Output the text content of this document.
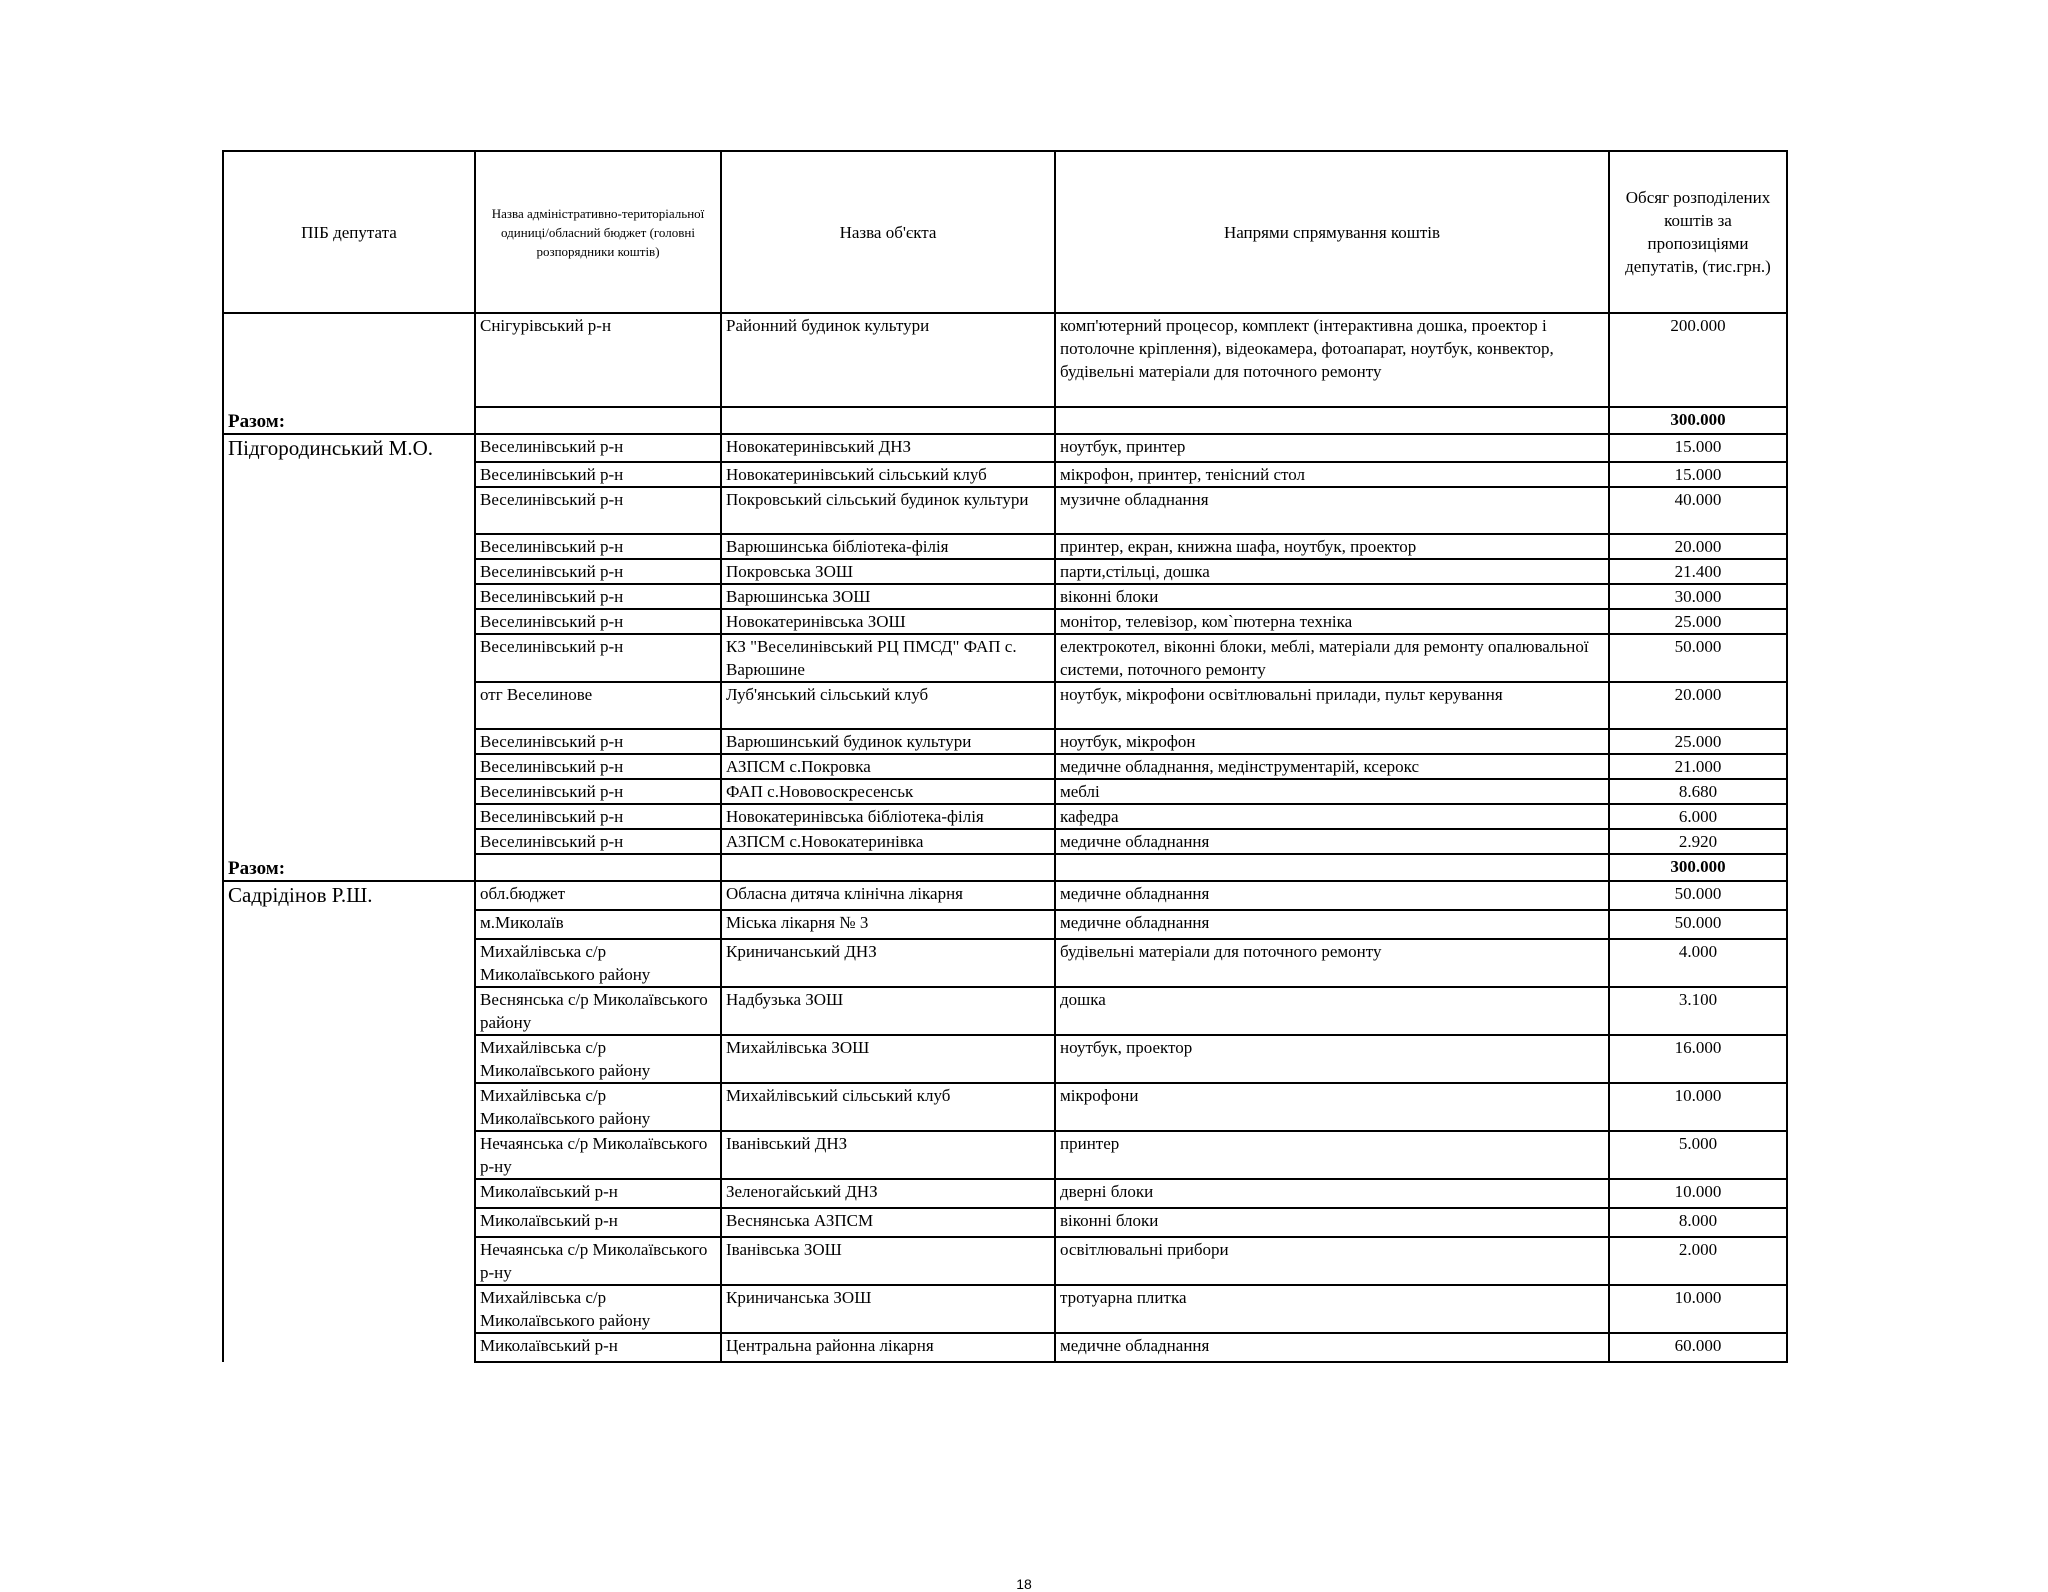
ПІБ депутата	Назва адміністративно-територіальної одиниці/обласний бюджет (головні розпорядники коштів)	Назва об'єкта	Напрями спрямування коштів	Обсяг розподілених коштів за пропозиціями депутатів, (тис.грн.)
	Снігурівський р-н	Районний будинок культури	комп'ютерний процесор, комплект (інтерактивна дошка, проектор і потолочне кріплення), відеокамера, фотоапарат, ноутбук, конвектор, будівельні матеріали для поточного ремонту	200.000
Разом:				300.000
Підгородинський М.О.	Веселинівський р-н	Новокатеринівський ДНЗ	ноутбук, принтер	15.000
	Веселинівський р-н	Новокатеринівський сільський клуб	мікрофон, принтер, тенісний стол	15.000
	Веселинівський р-н	Покровський сільський будинок культури	музичне обладнання	40.000
	Веселинівський р-н	Варюшинська бібліотека-філія	принтер, екран, книжна шафа, ноутбук, проектор	20.000
	Веселинівський р-н	Покровська ЗОШ	парти,стільці, дошка	21.400
	Веселинівський р-н	Варюшинська ЗОШ	віконні блоки	30.000
	Веселинівський р-н	Новокатеринівська ЗОШ	монітор, телевізор, ком`пютерна техніка	25.000
	Веселинівський р-н	КЗ "Веселинівський РЦ ПМСД" ФАП с. Варюшине	електрокотел, віконні блоки, меблі, матеріали для ремонту опалювальної системи, поточного ремонту	50.000
	отг Веселинове	Луб'янський сільський клуб	ноутбук, мікрофони освітлювальні прилади, пульт керування	20.000
	Веселинівський р-н	Варюшинський будинок культури	ноутбук, мікрофон	25.000
	Веселинівський р-н	АЗПСМ с.Покровка	медичне обладнання, медінструментарій, ксерокс	21.000
	Веселинівський р-н	ФАП с.Нововоскресенськ	меблі	8.680
	Веселинівський р-н	Новокатеринівська бібліотека-філія	кафедра	6.000
	Веселинівський р-н	АЗПСМ с.Новокатеринівка	медичне обладнання	2.920
Разом:				300.000
Садрідінов Р.Ш.	обл.бюджет	Обласна дитяча клінічна лікарня	медичне обладнання	50.000
	м.Миколаїв	Міська лікарня № 3	медичне обладнання	50.000
	Михайлівська с/р Миколаївського району	Криничанський ДНЗ	будівельні матеріали для поточного ремонту	4.000
	Веснянська с/р Миколаївського району	Надбузька ЗОШ	дошка	3.100
	Михайлівська с/р Миколаївського району	Михайлівська ЗОШ	ноутбук, проектор	16.000
	Михайлівська с/р Миколаївського району	Михайлівський сільський клуб	мікрофони	10.000
	Нечаянська с/р Миколаївського р-ну	Іванівський ДНЗ	принтер	5.000
	Миколаївський р-н	Зеленогайський ДНЗ	дверні блоки	10.000
	Миколаївський р-н	Веснянська АЗПСМ	віконні блоки	8.000
	Нечаянська с/р Миколаївського р-ну	Іванівська ЗОШ	освітлювальні прибори	2.000
	Михайлівська с/р Миколаївського району	Криничанська ЗОШ	тротуарна плитка	10.000
	Миколаївський р-н	Центральна районна лікарня	медичне обладнання	60.000
18
